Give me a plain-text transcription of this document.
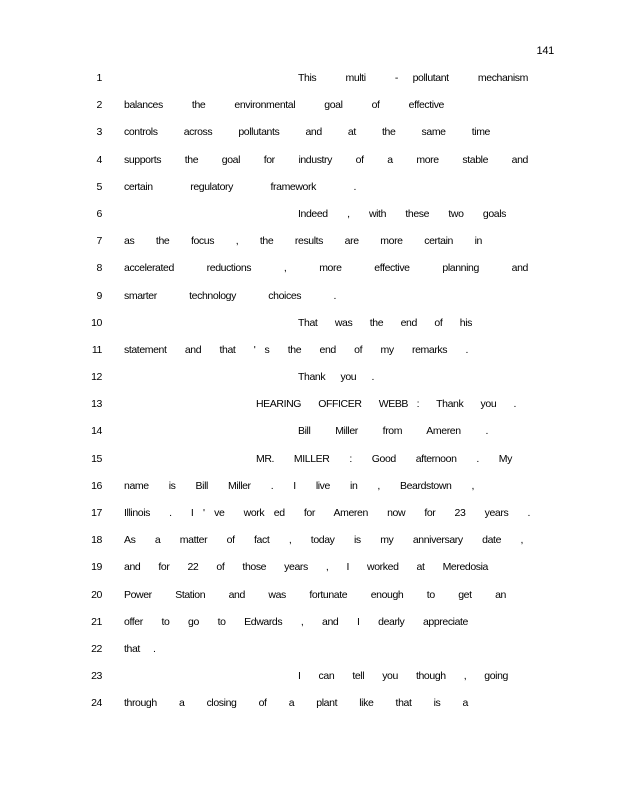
141
1	This  multi  - pollutant  mechanism
2 balances  the  environmental  goal  of  effective
3 controls  across  pollutants  and  at  the  same  time
4 supports  the  goal  for  industry  of  a  more  stable  and
5 certain  regulatory  framework  .
6	Indeed  ,  with  these  two  goals
7 as  the  focus  ,  the  results  are  more  certain  in
8 accelerated  reductions  ,  more  effective  planning  and
9 smarter  technology  choices  .
10	That  was  the  end  of  his
11 statement  and  that  ' s  the  end  of  my  remarks  .
12	Thank  you  .
13	HEARING  OFFICER  WEBB :  Thank  you  .
14	Bill  Miller  from  Ameren  .
15	MR.  MILLER  :  Good  afternoon  .  My
16 name  is  Bill  Miller  .  I  live  in  ,  Beardstown  ,
17 Illinois  .  I ' ve  work ed  for  Ameren  now  for  23  years  .
18 As  a  matter  of  fact  ,  today  is  my  anniversary  date  ,
19 and  for  22  of  those  years  ,  I  worked  at  Meredosia
20 Power  Station  and  was  fortunate  enough  to  get  an
21 offer  to  go  to  Edwards  ,  and  I  dearly  appreciate
22 that  .
23	I  can  tell  you  though  ,  going
24 through  a  closing  of  a  plant  like  that  is  a
